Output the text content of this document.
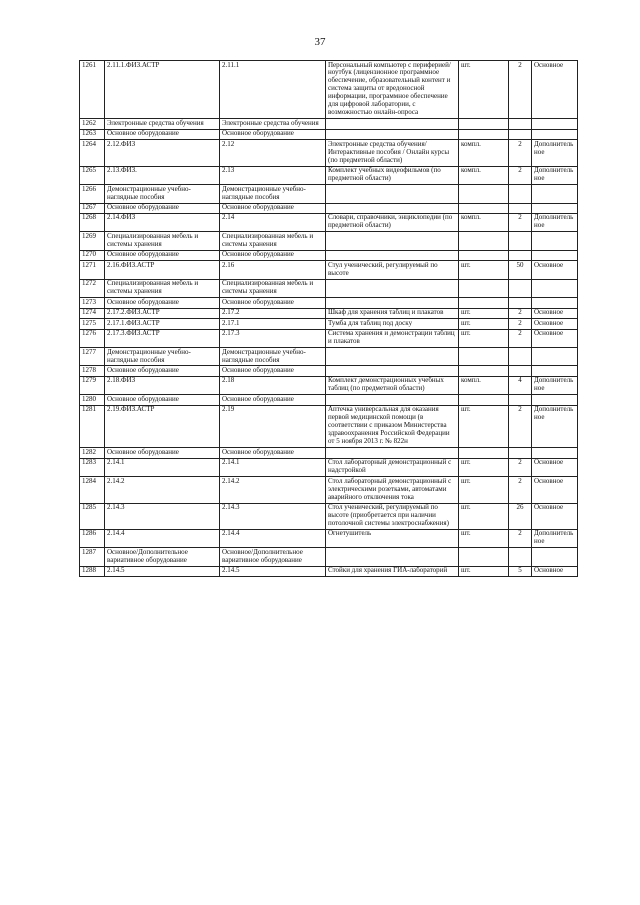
37
1261	2.11.1.ФИЗ.АСТР	2.11.1	Персональный компьютер с периферией/ноутбук (лицензионное программное обеспечение, образовательный контент и система защиты от вредоносной информации, программное обеспечение для цифровой лаборатории, с возможностью онлайн-опроса	шт.	2	Основное
1262	Электронные средства обучения	Электронные средства обучения				
1263	Основное оборудование	Основное оборудование				
1264	2.12.ФИЗ	2.12	Электронные средства обучения/Интерактивные пособия / Онлайн курсы (по предметной области)	компл.	2	Дополнительное
1265	2.13.ФИЗ.	2.13	Комплект учебных видеофильмов (по предметной области)	компл.	2	Дополнительное
1266	Демонстрационные учебно-наглядные пособия	Демонстрационные учебно-наглядные пособия				
1267	Основное оборудование	Основное оборудование				
1268	2.14.ФИЗ	2.14	Словари, справочники, энциклопедии (по предметной области)	компл.	2	Дополнительное
1269	Специализированная мебель и системы хранения	Специализированная мебель и системы хранения				
1270	Основное оборудование	Основное оборудование				
1271	2.16.ФИЗ.АСТР	2.16	Стул ученический, регулируемый по высоте	шт.	50	Основное
1272	Специализированная мебель и системы хранения	Специализированная мебель и системы хранения				
1273	Основное оборудование	Основное оборудование				
1274	2.17.2.ФИЗ.АСТР	2.17.2	Шкаф для хранения таблиц и плакатов	шт.	2	Основное
1275	2.17.1.ФИЗ.АСТР	2.17.1	Тумба для таблиц под доску	шт.	2	Основное
1276	2.17.3.ФИЗ.АСТР	2.17.3	Система хранения и демонстрации таблиц и плакатов	шт.	2	Основное
1277	Демонстрационные учебно-наглядные пособия	Демонстрационные учебно-наглядные пособия				
1278	Основное оборудование	Основное оборудование				
1279	2.18.ФИЗ	2.18	Комплект демонстрационных учебных таблиц (по предметной области)	компл.	4	Дополнительное
1280	Основное оборудование	Основное оборудование				
1281	2.19.ФИЗ.АСТР	2.19	Аптечка универсальная для оказания первой медицинской помощи (в соответствии с приказом Министерства здравоохранения Российской Федерации от 5 ноября 2013 г. № 822н	шт.	2	Дополнительное
1282	Основное оборудование	Основное оборудование				
1283	2.14.1	2.14.1	Стол лабораторный демонстрационный с надстройкой	шт.	2	Основное
1284	2.14.2	2.14.2	Стол лабораторный демонстрационный с электрическими розетками, автоматами аварийного отключения тока	шт.	2	Основное
1285	2.14.3	2.14.3	Стол ученический, регулируемый по высоте (приобретается при наличии потолочной системы электроснабжения)	шт.	26	Основное
1286	2.14.4	2.14.4	Огнетушитель	шт.	2	Дополнительное
1287	Основное/Дополнительное вариативное оборудование	Основное/Дополнительное вариативное оборудование				
1288	2.14.5	2.14.5	Стойки для хранения ГИА-лабораторий	шт.	5	Основное
